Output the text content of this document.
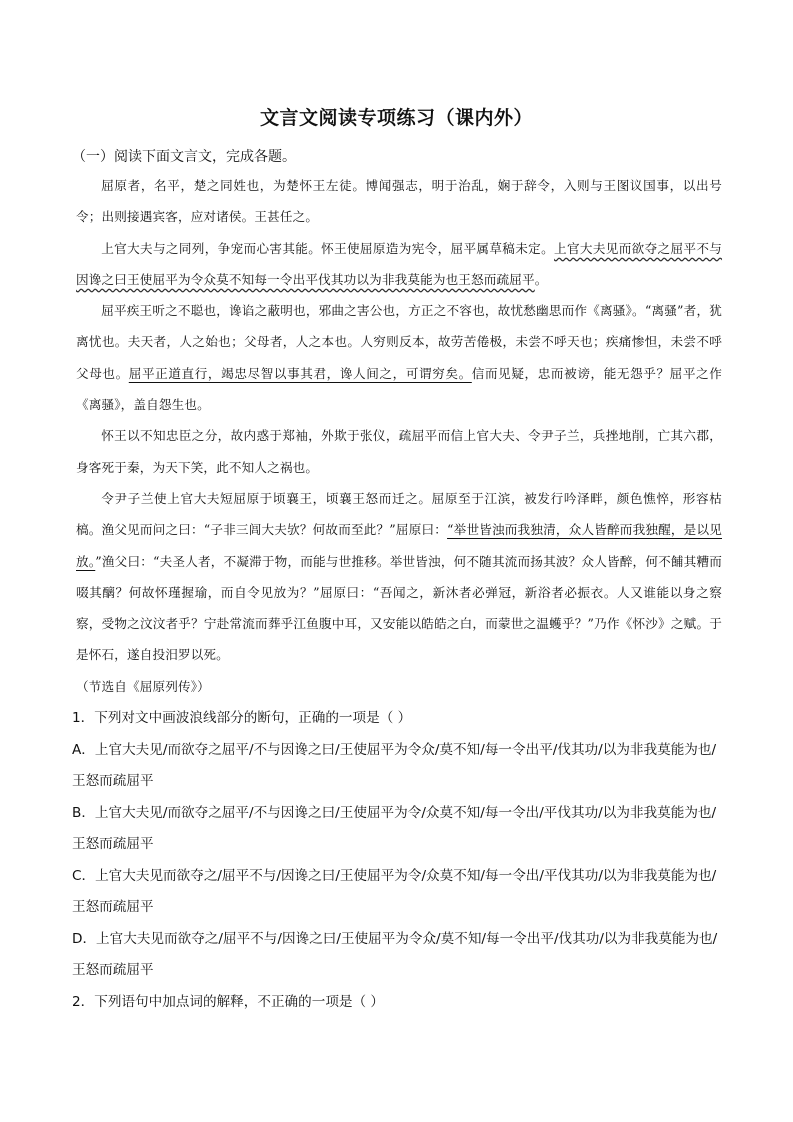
文言文阅读专项练习（课内外）
（一）阅读下面文言文，完成各题。

屈原者，名平，楚之同姓也，为楚怀王左徒。博闻强志，明于治乱，娴于辞令，入则与王图议国事，以出号令；出则接遇宾客，应对诸侯。王甚任之。

上官大夫与之同列，争宠而心害其能。怀王使屈原造为宪令，屈平属草稿未定。上官大夫见而欲夺之屈平不与因谗之曰王使屈平为令众莫不知每一令出平伐其功以为非我莫能为也王怒而疏屈平。

屈平疾王听之不聪也，谗谄之蔽明也，邪曲之害公也，方正之不容也，故忧愁幽思而作《离骚》。“离骚”者，犹离忧也。夫天者，人之始也；父母者，人之本也。人穷则反本，故劳苦倦极，未尝不呼天也；疾痛惨怛，未尝不呼父母也。屈平正道直行，竭忠尽智以事其君，谗人间之，可谓穷矣。信而见疑，忠而被谤，能无怨乎？屈平之作《离骚》，盖自怨生也。

怀王以不知忠臣之分，故内惑于郑袖，外欺于张仪，疏屈平而信上官大夫、令尹子兰，兵挫地削，亡其六郡，身客死于秦，为天下笑，此不知人之祸也。

令尹子兰使上官大夫短屈原于顷襄王，顷襄王怒而迁之。屈原至于江滨，被发行吟泽畔，颜色憔悴，形容枯槁。渔父见而问之曰：“子非三闾大夫欤？何故而至此？”屈原曰：“举世皆浊而我独清，众人皆醉而我独醒，是以见放。”渔父曰：“夫圣人者，不凝滞于物，而能与世推移。举世皆浊，何不随其流而扬其波？众人皆醉，何不餔其糟而啜其醨？何故怀瑾握瑜，而自令见放为？”屈原曰：“吾闻之，新沐者必弹冠，新浴者必振衣。人又谁能以身之察察，受物之汶汶者乎？宁赴常流而葬乎江鱼腹中耳，又安能以皓皓之白，而蒙世之温蠖乎？”乃作《怀沙》之赋。于是怀石，遂自投汨罗以死。

（节选自《屈原列传》）

1．下列对文中画波浪线部分的断句，正确的一项是（ ）

A．上官大夫见/而欲夺之屈平/不与因谗之曰/王使屈平为令众/莫不知/每一令出平/伐其功/以为非我莫能为也/王怒而疏屈平

B．上官大夫见/而欲夺之屈平/不与因谗之曰/王使屈平为令/众莫不知/每一令出/平伐其功/以为非我莫能为也/王怒而疏屈平

C．上官大夫见而欲夺之/屈平不与/因谗之曰/王使屈平为令/众莫不知/每一令出/平伐其功/以为非我莫能为也/王怒而疏屈平

D．上官大夫见而欲夺之/屈平不与/因谗之曰/王使屈平为令众/莫不知/每一令出平/伐其功/以为非我莫能为也/王怒而疏屈平

2．下列语句中加点词的解释，不正确的一项是（ ）
